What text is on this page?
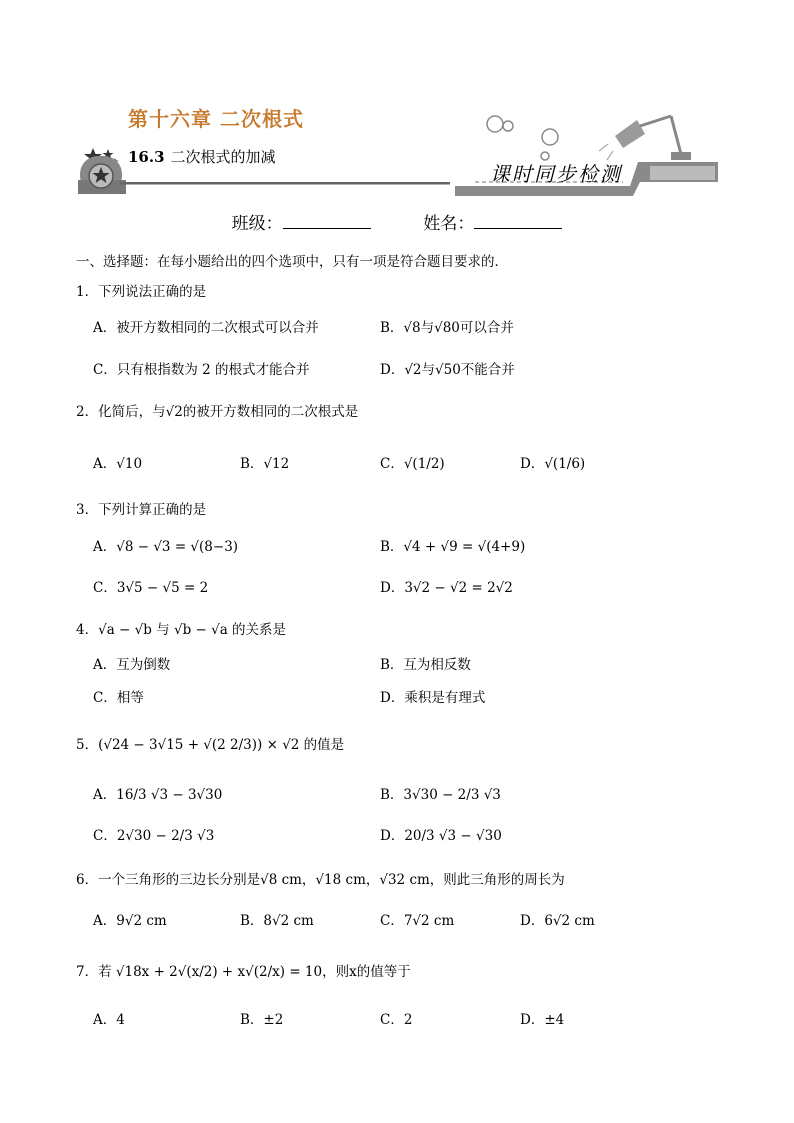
第十六章 二次根式
16.3 二次根式的加减
课时同步检测
班级：	姓名：
一、选择题：在每小题给出的四个选项中，只有一项是符合题目要求的．
1．下列说法正确的是
A．被开方数相同的二次根式可以合并	B．√8与√80可以合并
C．只有根指数为 2 的根式才能合并	D．√2与√50不能合并
2．化简后，与√2的被开方数相同的二次根式是
A．√10	B．√12	C．√(1/2)	D．√(1/6)
3．下列计算正确的是
A．√8 − √3 = √(8−3)	B．√4 + √9 = √(4+9)
C．3√5 − √5 = 2	D．3√2 − √2 = 2√2
4．√a − √b 与 √b − √a 的关系是
A．互为倒数	B．互为相反数
C．相等	D．乘积是有理式
5．(√24 − 3√15 + √(2 2/3)) × √2 的值是
A．16/3 √3 − 3√30	B．3√30 − 2/3 √3
C．2√30 − 2/3 √3	D．20/3 √3 − √30
6．一个三角形的三边长分别是√8 cm，√18 cm，√32 cm，则此三角形的周长为
A．9√2 cm	B．8√2 cm	C．7√2 cm	D．6√2 cm
7．若 √18x + 2√(x/2) + x√(2/x) = 10，则x的值等于
A．4	B．±2	C．2	D．±4
